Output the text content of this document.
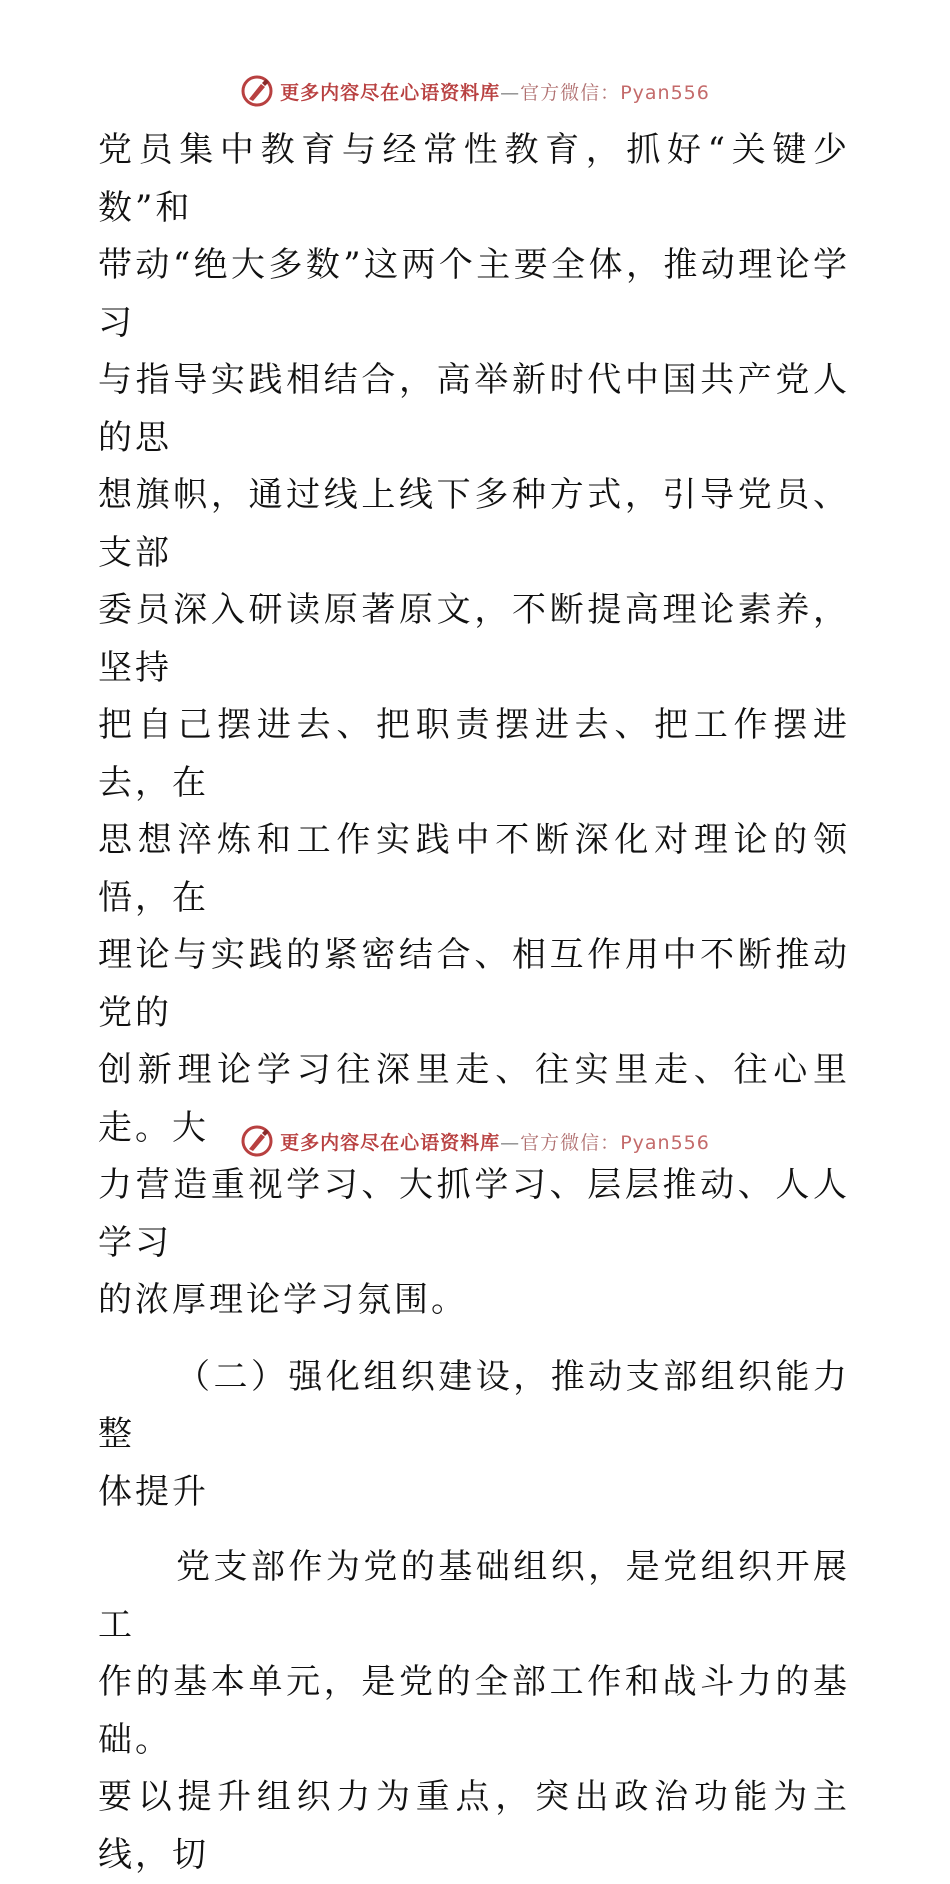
更多内容尽在心语资料库—官方微信：Pyan556
党员集中教育与经常性教育，抓好“关键少数”和
带动“绝大多数”这两个主要全体，推动理论学习
与指导实践相结合，高举新时代中国共产党人的思
想旗帜，通过线上线下多种方式，引导党员、支部
委员深入研读原著原文，不断提高理论素养，坚持
把自己摆进去、把职责摆进去、把工作摆进去，在
思想淬炼和工作实践中不断深化对理论的领悟，在
理论与实践的紧密结合、相互作用中不断推动党的
创新理论学习往深里走、往实里走、往心里走。大
力营造重视学习、大抓学习、层层推动、人人学习
的浓厚理论学习氛围。
（二）强化组织建设，推动支部组织能力整
体提升
党支部作为党的基础组织，是党组织开展工
作的基本单元，是党的全部工作和战斗力的基础。
要以提升组织力为重点，突出政治功能为主线，切
更多内容尽在心语资料库—官方微信：Pyan556
